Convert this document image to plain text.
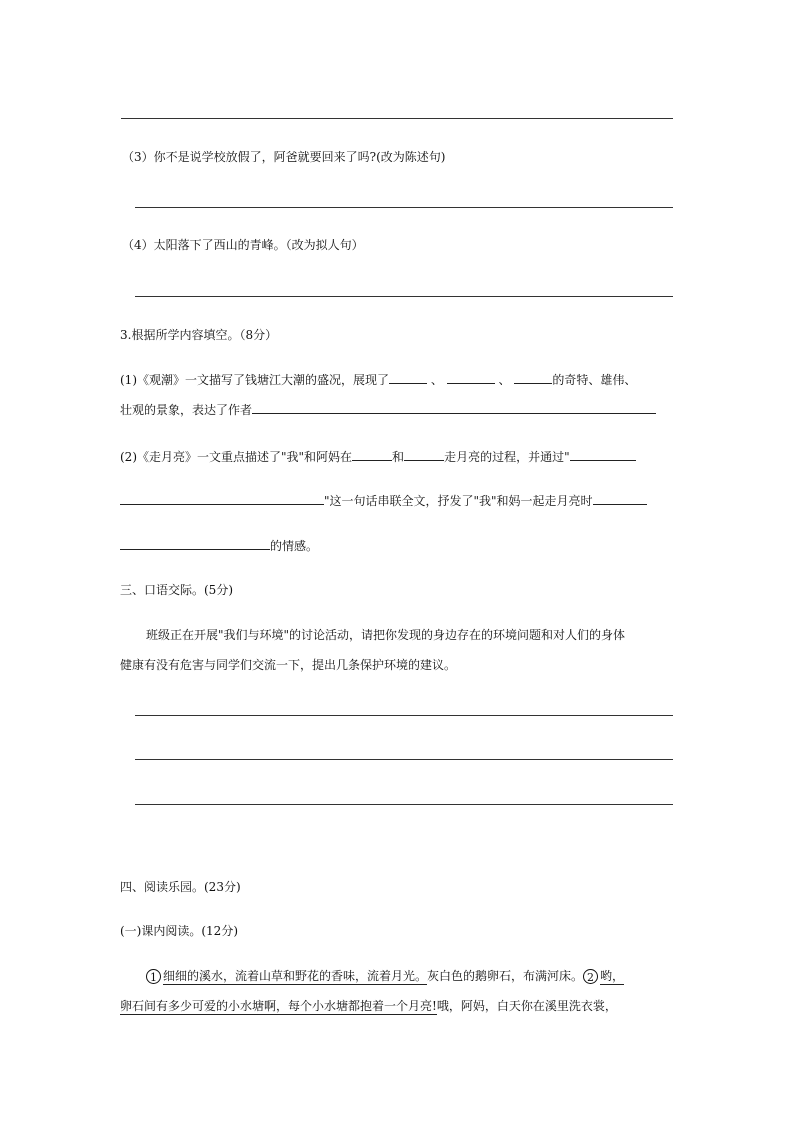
（3）你不是说学校放假了，阿爸就要回来了吗?(改为陈述句)
（4）太阳落下了西山的青峰。（改为拟人句）
3.根据所学内容填空。（8分）
(1)《观潮》一文描写了钱塘江大潮的盛况，展现了	、	、	的奇特、雄伟、
壮观的景象，表达了作者
(2)《走月亮》一文重点描述了"我"和阿妈在	和	走月亮的过程，并通过"
"这一句话串联全文，抒发了"我"和妈一起走月亮时
的情感。
三、口语交际。(5分)
班级正在开展"我们与环境"的讨论活动，请把你发现的身边存在的环境问题和对人们的身体
健康有没有危害与同学们交流一下，提出几条保护环境的建议。
四、阅读乐园。(23分)
(一)课内阅读。(12分)
1 细细的溪水，流着山草和野花的香味，流着月光。灰白色的鹅卵石，布满河床。 2 哟，
卵石间有多少可爱的小水塘啊，每个小水塘都抱着一个月亮!哦，阿妈，白天你在溪里洗衣裳，
